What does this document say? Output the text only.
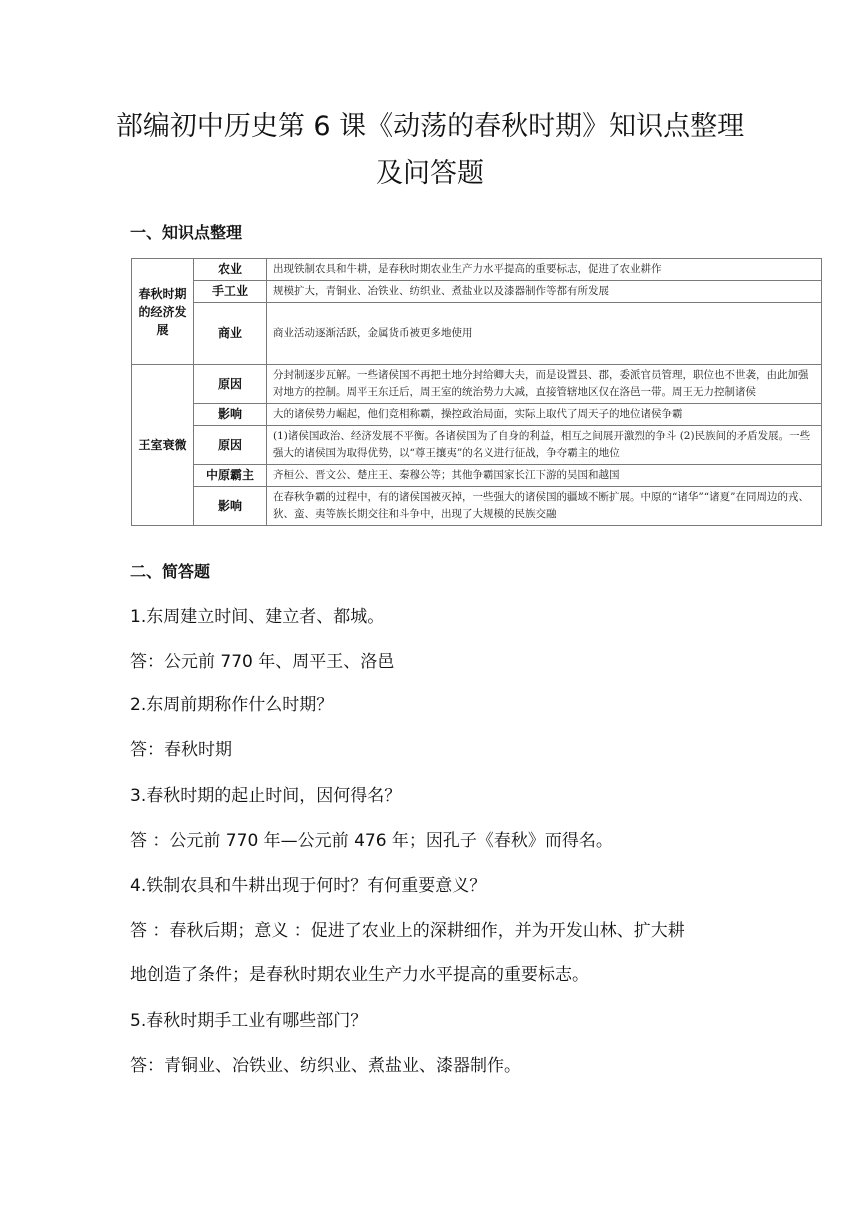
部编初中历史第 6 课《动荡的春秋时期》知识点整理
及问答题
一、知识点整理
春秋时期的经济发展	农业	出现铁制农具和牛耕，是春秋时期农业生产力水平提高的重要标志，促进了农业耕作
	手工业	规模扩大，青铜业、冶铁业、纺织业、煮盐业以及漆器制作等都有所发展
	商业	商业活动逐渐活跃，金属货币被更多地使用
王室衰微	原因	分封制逐步瓦解。一些诸侯国不再把土地分封给卿大夫，而是设置县、郡，委派官员管理，职位也不世袭，由此加强对地方的控制。周平王东迁后，周王室的统治势力大减，直接管辖地区仅在洛邑一带。周王无力控制诸侯
	影响	大的诸侯势力崛起，他们竞相称霸，操控政治局面，实际上取代了周天子的地位诸侯争霸
	原因	(1)诸侯国政治、经济发展不平衡。各诸侯国为了自身的利益，相互之间展开激烈的争斗 (2)民族间的矛盾发展。一些强大的诸侯国为取得优势，以“尊王攘夷”的名义进行征战，争夺霸主的地位
	中原霸主	齐桓公、晋文公、楚庄王、秦穆公等；其他争霸国家长江下游的吴国和越国
	影响	在春秋争霸的过程中，有的诸侯国被灭掉，一些强大的诸侯国的疆域不断扩展。中原的“诸华”“诸夏”在同周边的戎、狄、蛮、夷等族长期交往和斗争中，出现了大规模的民族交融
二、简答题

1.东周建立时间、建立者、都城。

答：公元前 770 年、周平王、洛邑

2.东周前期称作什么时期？

答：春秋时期

3.春秋时期的起止时间，因何得名？

答 ：公元前 770 年—公元前 476 年；因孔子《春秋》而得名。

4.铁制农具和牛耕出现于何时？有何重要意义？

答 ：春秋后期；意义 ：促进了农业上的深耕细作，并为开发山林、扩大耕

地创造了条件；是春秋时期农业生产力水平提高的重要标志。

5.春秋时期手工业有哪些部门？

答：青铜业、冶铁业、纺织业、煮盐业、漆器制作。
